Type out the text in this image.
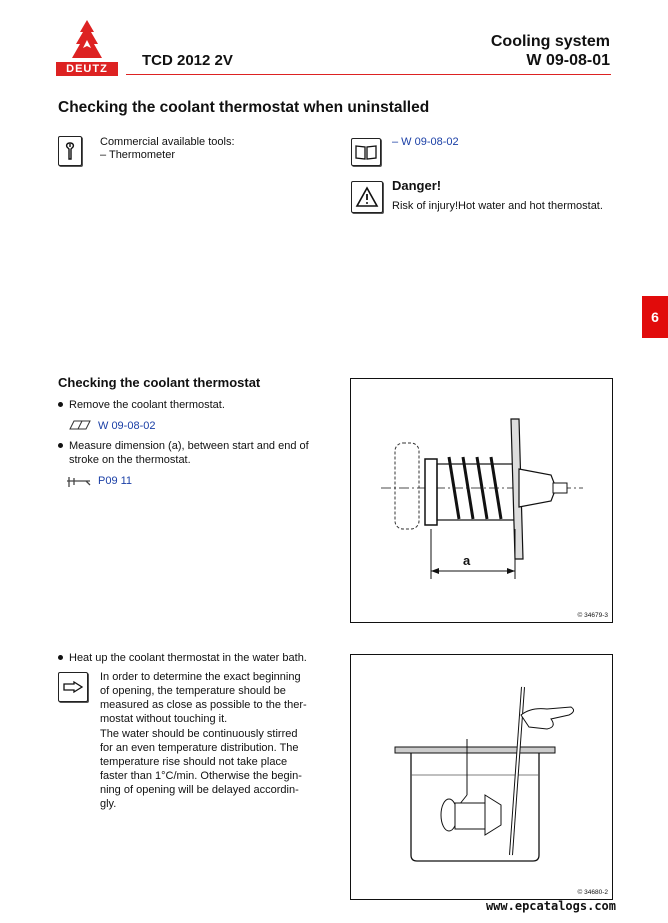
DEUTZ	TCD 2012 2V
Cooling system
W 09-08-01
Checking the coolant thermostat when uninstalled
Commercial available tools:
– Thermometer
– W 09-08-02
Danger!
Risk of injury!Hot water and hot thermostat.
6
Checking the coolant thermostat
Remove the coolant thermostat.
W 09-08-02
Measure dimension (a), between start and end of
stroke on the thermostat.
P09 11
a
© 34679-3
Heat up the coolant thermostat in the water bath.
In order to determine the exact beginning
of opening, the temperature should be
measured as close as possible to the ther-
mostat without touching it.
The water should be continuously stirred
for an even temperature distribution. The
temperature rise should not take place
faster than 1°C/min. Otherwise the begin-
ning of opening will be delayed accordin-
gly.
© 34680-2
www.epcatalogs.com
